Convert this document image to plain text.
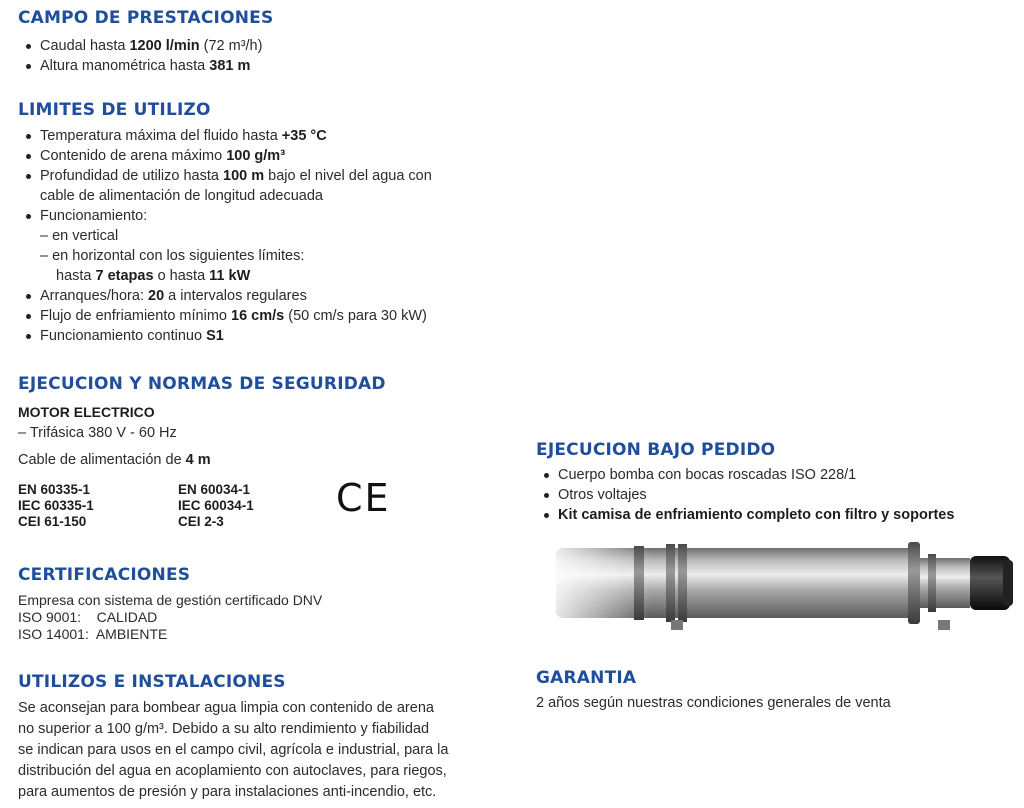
CAMPO DE PRESTACIONES
Caudal hasta 1200 l/min (72 m³/h)
Altura manométrica hasta 381 m
LIMITES DE UTILIZO
Temperatura máxima del fluido hasta +35 °C
Contenido de arena máximo 100 g/m³
Profundidad de utilizo hasta 100 m bajo el nivel del agua con
cable de alimentación de longitud adecuada
Funcionamiento:
– en vertical
– en horizontal con los siguientes límites:
hasta 7 etapas o hasta 11 kW
Arranques/hora: 20 a intervalos regulares
Flujo de enfriamiento mínimo 16 cm/s (50 cm/s para 30 kW)
Funcionamiento continuo S1
EJECUCION Y NORMAS DE SEGURIDAD
MOTOR ELECTRICO
– Trifásica 380 V - 60 Hz
Cable de alimentación de 4 m
EN 60335-1
IEC 60335-1
CEI 61-150
EN 60034-1
IEC 60034-1
CEI 2-3
CE
CERTIFICACIONES
Empresa con sistema de gestión certificado DNV
ISO 9001:    CALIDAD
ISO 14001:  AMBIENTE
UTILIZOS E INSTALACIONES
Se aconsejan para bombear agua limpia con contenido de arena
no superior a 100 g/m³. Debido a su alto rendimiento y fiabilidad
se indican para usos en el campo civil, agrícola e industrial, para la
distribución del agua en acoplamiento con autoclaves, para riegos,
para aumentos de presión y para instalaciones anti-incendio, etc.
EJECUCION BAJO PEDIDO
Cuerpo bomba con bocas roscadas ISO 228/1
Otros voltajes
Kit camisa de enfriamiento completo con filtro y soportes
GARANTIA
2 años según nuestras condiciones generales de venta
